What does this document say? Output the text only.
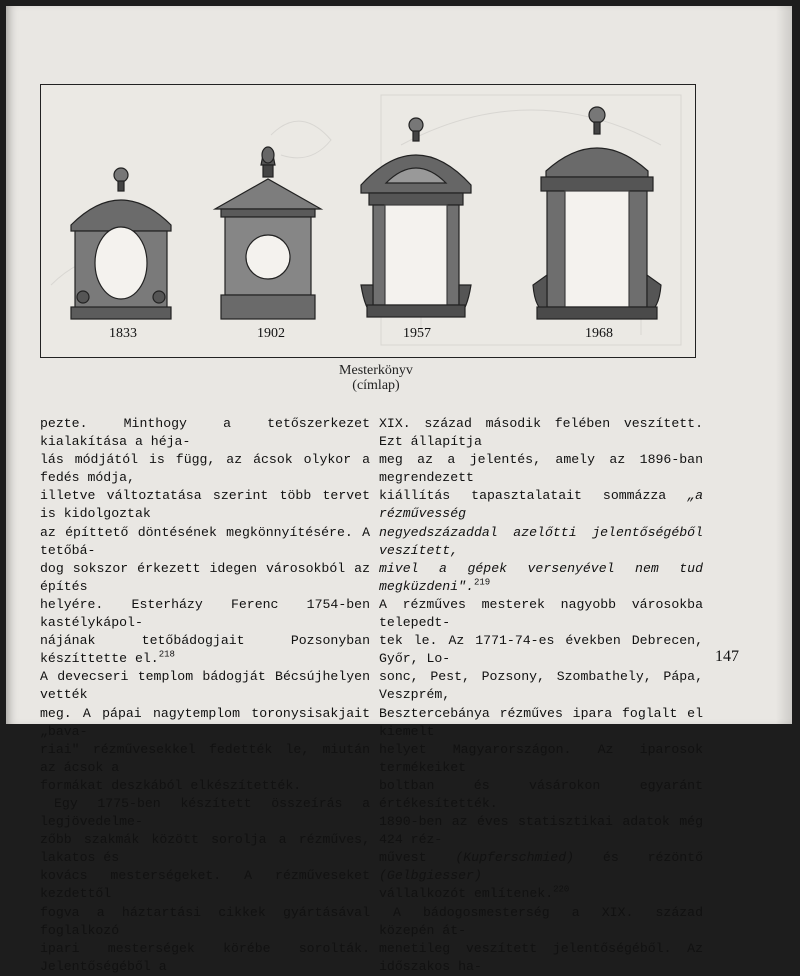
1833	1902	1957	1968
Mesterkönyv
(címlap)

pezte. Minthogy a tetőszerkezet kialakítása a héja-
lás módjától is függ, az ácsok olykor a fedés módja,
illetve változtatása szerint több tervet is kidolgoztak
az építtető döntésének megkönnyítésére. A tetőbá-
dog sokszor érkezett idegen városokból az építés
helyére. Esterházy Ferenc 1754-ben kastélykápol-
nájának tetőbádogjait Pozsonyban készíttette el.$^{218}$
A devecseri templom bádogját Bécsújhelyen vették
meg. A pápai nagytemplom toronysisakjait „bava-
riai" rézművesekkel fedették le, miután az ácsok a
formákat deszkából elkészítették.

Egy 1775-ben készített összeírás a legjövedelme-
zőbb szakmák között sorolja a rézműves, lakatos és
kovács mesterségeket. A rézműveseket kezdettől
fogva a háztartási cikkek gyártásával foglalkozó
ipari mesterségek körébe sorolták. Jelentőségéből a

XIX. század második felében veszített. Ezt állapítja
meg az a jelentés, amely az 1896-ban megrendezett
kiállítás tapasztalatait sommázza „a rézművesség
negyedszázaddal azelőtti jelentőségéből veszített,
mivel a gépek versenyével nem tud megküzdeni".$^{219}$
A rézműves mesterek nagyobb városokba telepedt-
tek le. Az 1771-74-es években Debrecen, Győr, Lo-
sonc, Pest, Pozsony, Szombathely, Pápa, Veszprém,
Besztercebánya rézműves ipara foglalt el kiemelt
helyet Magyarországon. Az iparosok termékeiket
boltban és vásárokon egyaránt értékesítették.
1890-ben az éves statisztikai adatok még 424 réz-
művest (Kupferschmied) és rézöntő (Gelbgiesser)
vállalkozót említenek.$^{220}$

A bádogosmesterség a XIX. század közepén át-
menetileg veszített jelentőségéből. Az időszakos ha-

147
